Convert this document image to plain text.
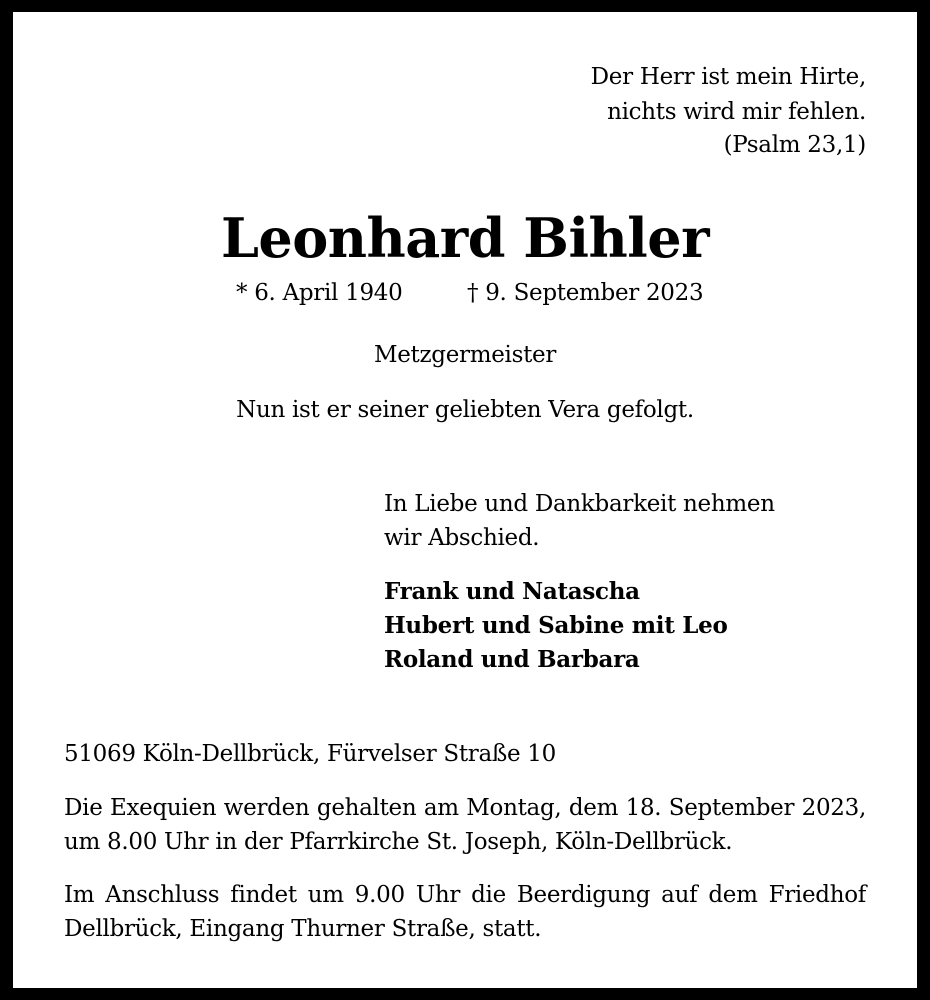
Der Herr ist mein Hirte,

nichts wird mir fehlen.

(Psalm 23,1)

Leonhard Bihler

* 6. April 1940	† 9. September 2023

Metzgermeister

Nun ist er seiner geliebten Vera gefolgt.

In Liebe und Dankbarkeit nehmen

wir Abschied.

Frank und Natascha

Hubert und Sabine mit Leo

Roland und Barbara

51069 Köln-Dellbrück, Fürvelser Straße 10

Die Exequien werden gehalten am Montag, dem 18. September 2023,
um 8.00 Uhr in der Pfarrkirche St. Joseph, Köln-Dellbrück.
Im Anschluss findet um 9.00 Uhr die Beerdigung auf dem Friedhof
Dellbrück, Eingang Thurner Straße, statt.
